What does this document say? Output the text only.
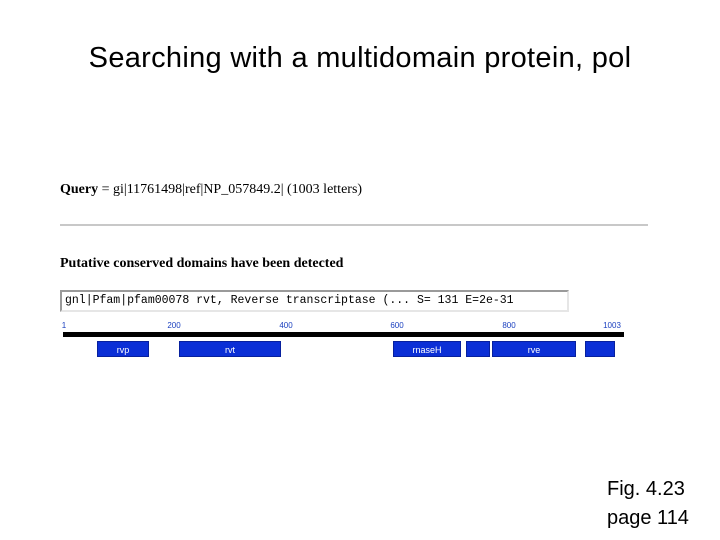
Searching with a multidomain protein, pol
Query = gi|11761498|ref|NP_057849.2| (1003 letters)
Putative conserved domains have been detected
gnl|Pfam|pfam00078 rvt, Reverse transcriptase (... S= 131 E=2e-31
1	200	400	600	800	1003
rvp	rvt	rnaseH	rve
Fig. 4.23
page 114
